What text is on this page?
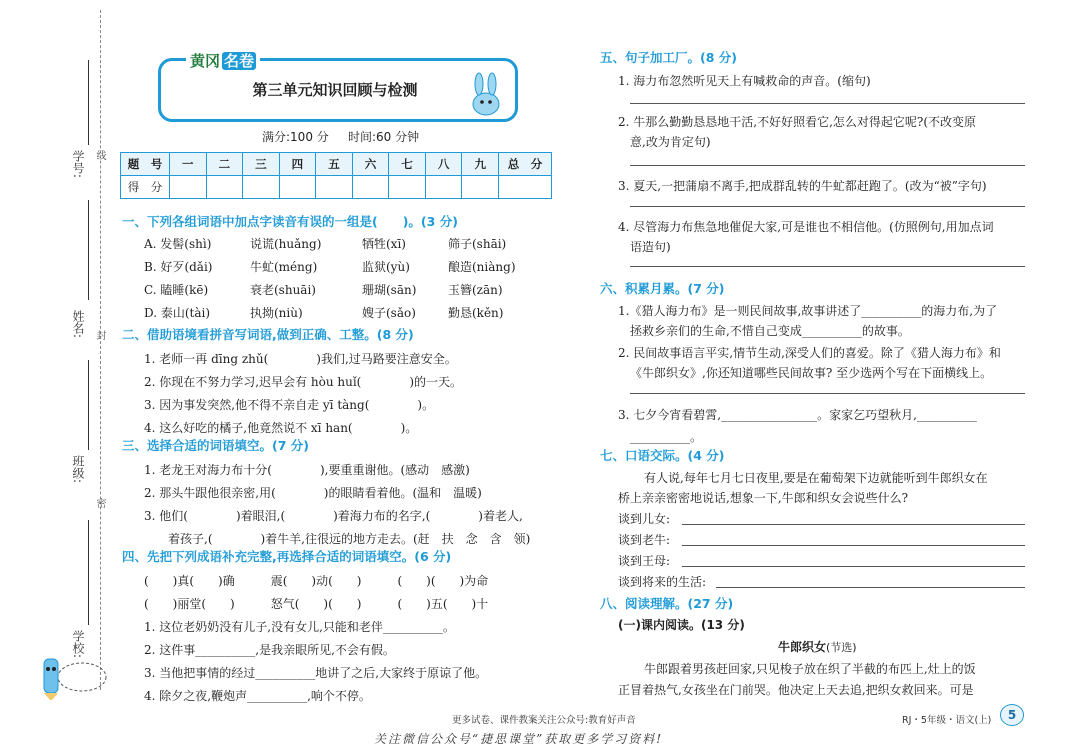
学号: 线
姓名: 封
班级:
密
学校:
黄冈 名卷
第三单元知识回顾与检测
满分:100 分 时间:60 分钟
题　号	一	二	三	四	五	六	七	八	九	总　分
得　分										
一、下列各组词语中加点字读音有误的一组是(　　)。(3 分)
A. 发髻(shì)	说谎(huǎng)	牺牲(xī)	筛子(shāi)
B. 好歹(dǎi)	牛虻(méng)	监狱(yù)	酿造(niàng)
C. 瞌睡(kē)	衰老(shuāi)	珊瑚(sān)	玉簪(zān)
D. 泰山(tài)	执拗(niù)	嫂子(sǎo)	勤恳(kěn)
二、借助语境看拼音写词语,做到正确、工整。(8 分)
1. 老师一再 dīng zhǔ(　　　　)我们,过马路要注意安全。
2. 你现在不努力学习,迟早会有 hòu huǐ(　　　　)的一天。
3. 因为事发突然,他不得不亲自走 yī tàng(　　　　)。
4. 这么好吃的橘子,他竟然说不 xī han(　　　　)。
三、选择合适的词语填空。(7 分)
1. 老龙王对海力布十分(　　　　),要重重谢他。(感动　感激)
2. 那头牛跟他很亲密,用(　　　　)的眼睛看着他。(温和　温暖)
3. 他们(　　　　)着眼泪,(　　　　)着海力布的名字,(　　　　)着老人,
　　着孩子,(　　　　)着牛羊,往很远的地方走去。(赶　扶　念　含　领)
四、先把下列成语补充完整,再选择合适的词语填空。(6 分)
(　　)真(　　)确　　　震(　　)动(　　)　　　(　　)(　　)为命
(　　)丽堂(　　)　　　怒气(　　)(　　)　　　(　　)五(　　)十
1. 这位老奶奶没有儿子,没有女儿,只能和老伴__________。
2. 这件事__________,是我亲眼所见,不会有假。
3. 当他把事情的经过__________地讲了之后,大家终于原谅了他。
4. 除夕之夜,鞭炮声__________,响个不停。
五、句子加工厂。(8 分)
1. 海力布忽然听见天上有喊救命的声音。(缩句)
2. 牛那么勤勤恳恳地干活,不好好照看它,怎么对得起它呢?(不改变原
意,改为肯定句)
3. 夏天,一把蒲扇不离手,把成群乱转的牛虻都赶跑了。(改为“被”字句)
4. 尽管海力布焦急地催促大家,可是谁也不相信他。(仿照例句,用加点词
语造句)
六、积累月累。(7 分)
1.《猎人海力布》是一则民间故事,故事讲述了__________的海力布,为了
拯救乡亲们的生命,不惜自己变成__________的故事。
2. 民间故事语言平实,情节生动,深受人们的喜爱。除了《猎人海力布》和
《牛郎织女》,你还知道哪些民间故事? 至少选两个写在下面横线上。
3. 七夕今宵看碧霄,________________。家家乞巧望秋月,__________
__________。
七、口语交际。(4 分)
有人说,每年七月七日夜里,要是在葡萄架下边就能听到牛郎织女在
桥上亲亲密密地说话,想象一下,牛郎和织女会说些什么?
谈到儿女:
谈到老牛:
谈到王母:
谈到将来的生活:
八、阅读理解。(27 分)
(一)课内阅读。(13 分)
牛郎织女(节选)
牛郎跟着男孩赶回家,只见梭子放在织了半截的布匹上,灶上的饭
正冒着热气,女孩坐在门前哭。他决定上天去追,把织女救回来。可是
更多试卷、课件教案关注公众号:教育好声音	RJ・5年级・语文(上)	5
关注微信公众号“捷思课堂”获取更多学习资料!
